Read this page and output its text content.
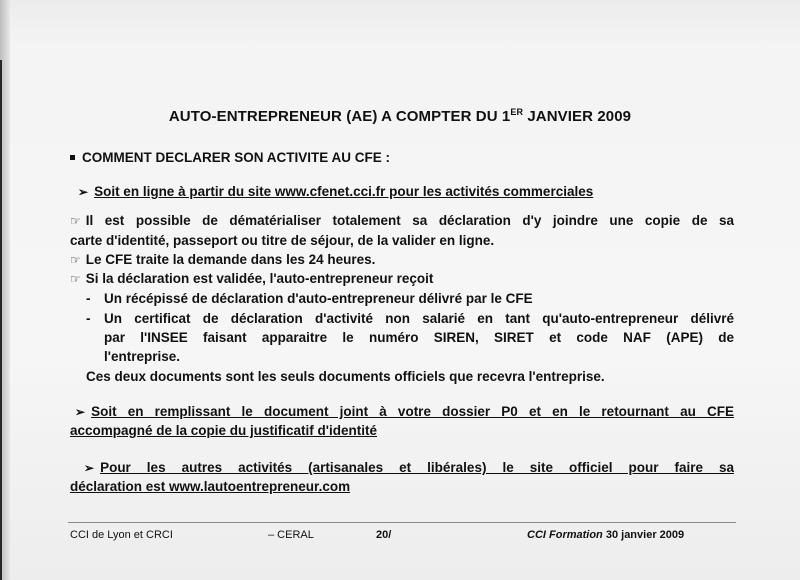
AUTO-ENTREPRENEUR (AE) A COMPTER DU 1ER JANVIER 2009
COMMENT DECLARER SON ACTIVITE AU CFE :
➢ Soit en ligne à partir du site www.cfenet.cci.fr pour les activités commerciales
☞ Il est possible de dématérialiser totalement sa déclaration d'y joindre une copie de sa
carte d'identité, passeport ou titre de séjour, de la valider en ligne.
☞ Le CFE traite la demande dans les 24 heures.
☞ Si la déclaration est validée, l'auto-entrepreneur reçoit
- Un récépissé de déclaration d'auto-entrepreneur délivré par le CFE
- Un certificat de déclaration d'activité non salarié en tant qu'auto-entrepreneur délivré
par l'INSEE faisant apparaitre le numéro SIREN, SIRET et code NAF (APE) de
l'entreprise.
Ces deux documents sont les seuls documents officiels que recevra l'entreprise.
➢ Soit en remplissant le document joint à votre dossier P0 et en le retournant au CFE
accompagné de la copie du justificatif d'identité
➢ Pour les autres activités (artisanales et libérales) le site officiel pour faire sa
déclaration est www.lautoentrepreneur.com
CCI de Lyon et CRCI	– CERAL	20/	CCI Formation 30 janvier 2009
